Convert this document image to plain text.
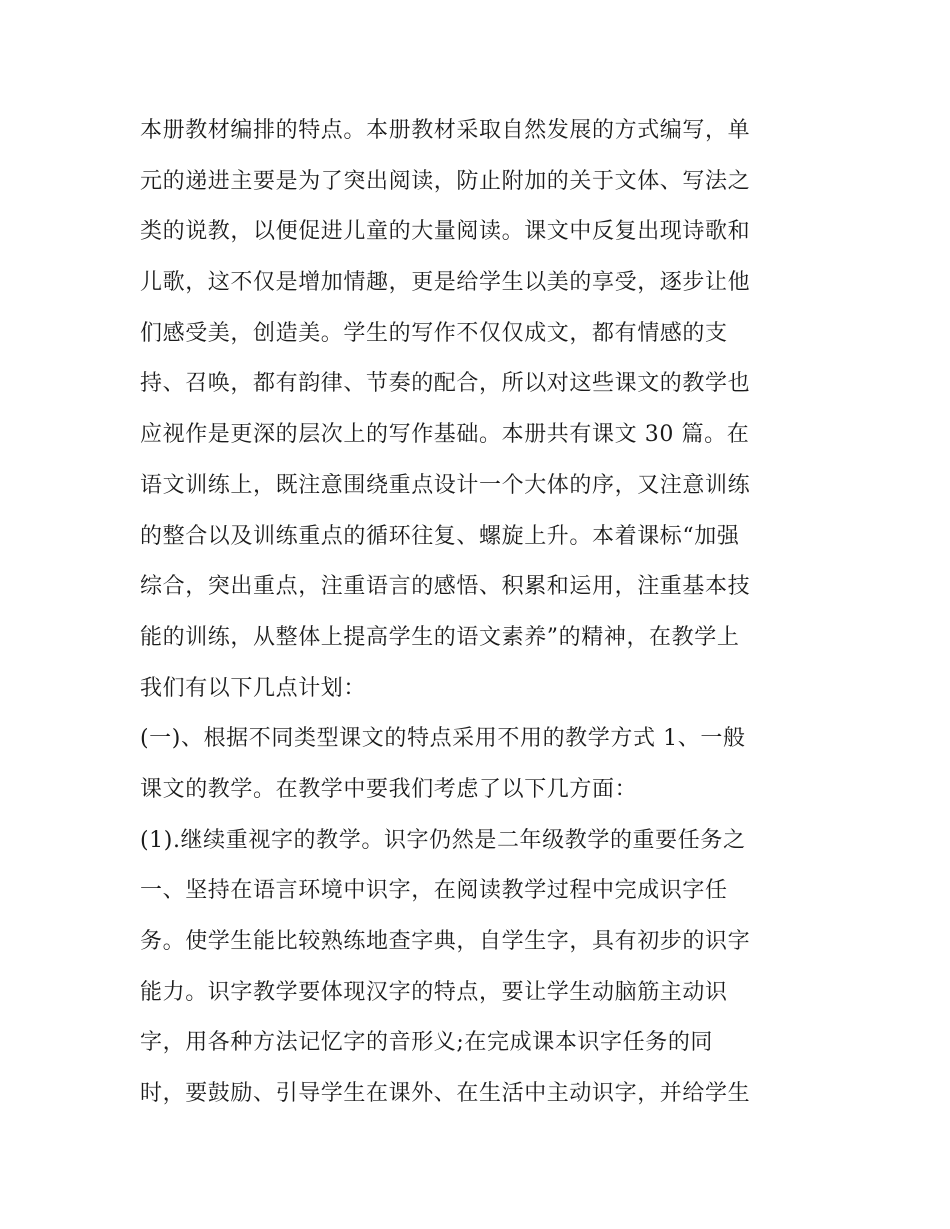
本册教材编排的特点。本册教材采取自然发展的方式编写，单
元的递进主要是为了突出阅读，防止附加的关于文体、写法之
类的说教，以便促进儿童的大量阅读。课文中反复出现诗歌和
儿歌，这不仅是增加情趣，更是给学生以美的享受，逐步让他
们感受美，创造美。学生的写作不仅仅成文，都有情感的支
持、召唤，都有韵律、节奏的配合，所以对这些课文的教学也
应视作是更深的层次上的写作基础。本册共有课文 30 篇。在
语文训练上，既注意围绕重点设计一个大体的序，又注意训练
的整合以及训练重点的循环往复、螺旋上升。本着课标“加强
综合，突出重点，注重语言的感悟、积累和运用，注重基本技
能的训练，从整体上提高学生的语文素养”的精神，在教学上
我们有以下几点计划：
(一)、根据不同类型课文的特点采用不用的教学方式 1、一般
课文的教学。在教学中要我们考虑了以下几方面：
(1).继续重视字的教学。识字仍然是二年级教学的重要任务之
一、坚持在语言环境中识字，在阅读教学过程中完成识字任
务。使学生能比较熟练地查字典，自学生字，具有初步的识字
能力。识字教学要体现汉字的特点，要让学生动脑筋主动识
字，用各种方法记忆字的音形义;在完成课本识字任务的同
时，要鼓励、引导学生在课外、在生活中主动识字，并给学生
